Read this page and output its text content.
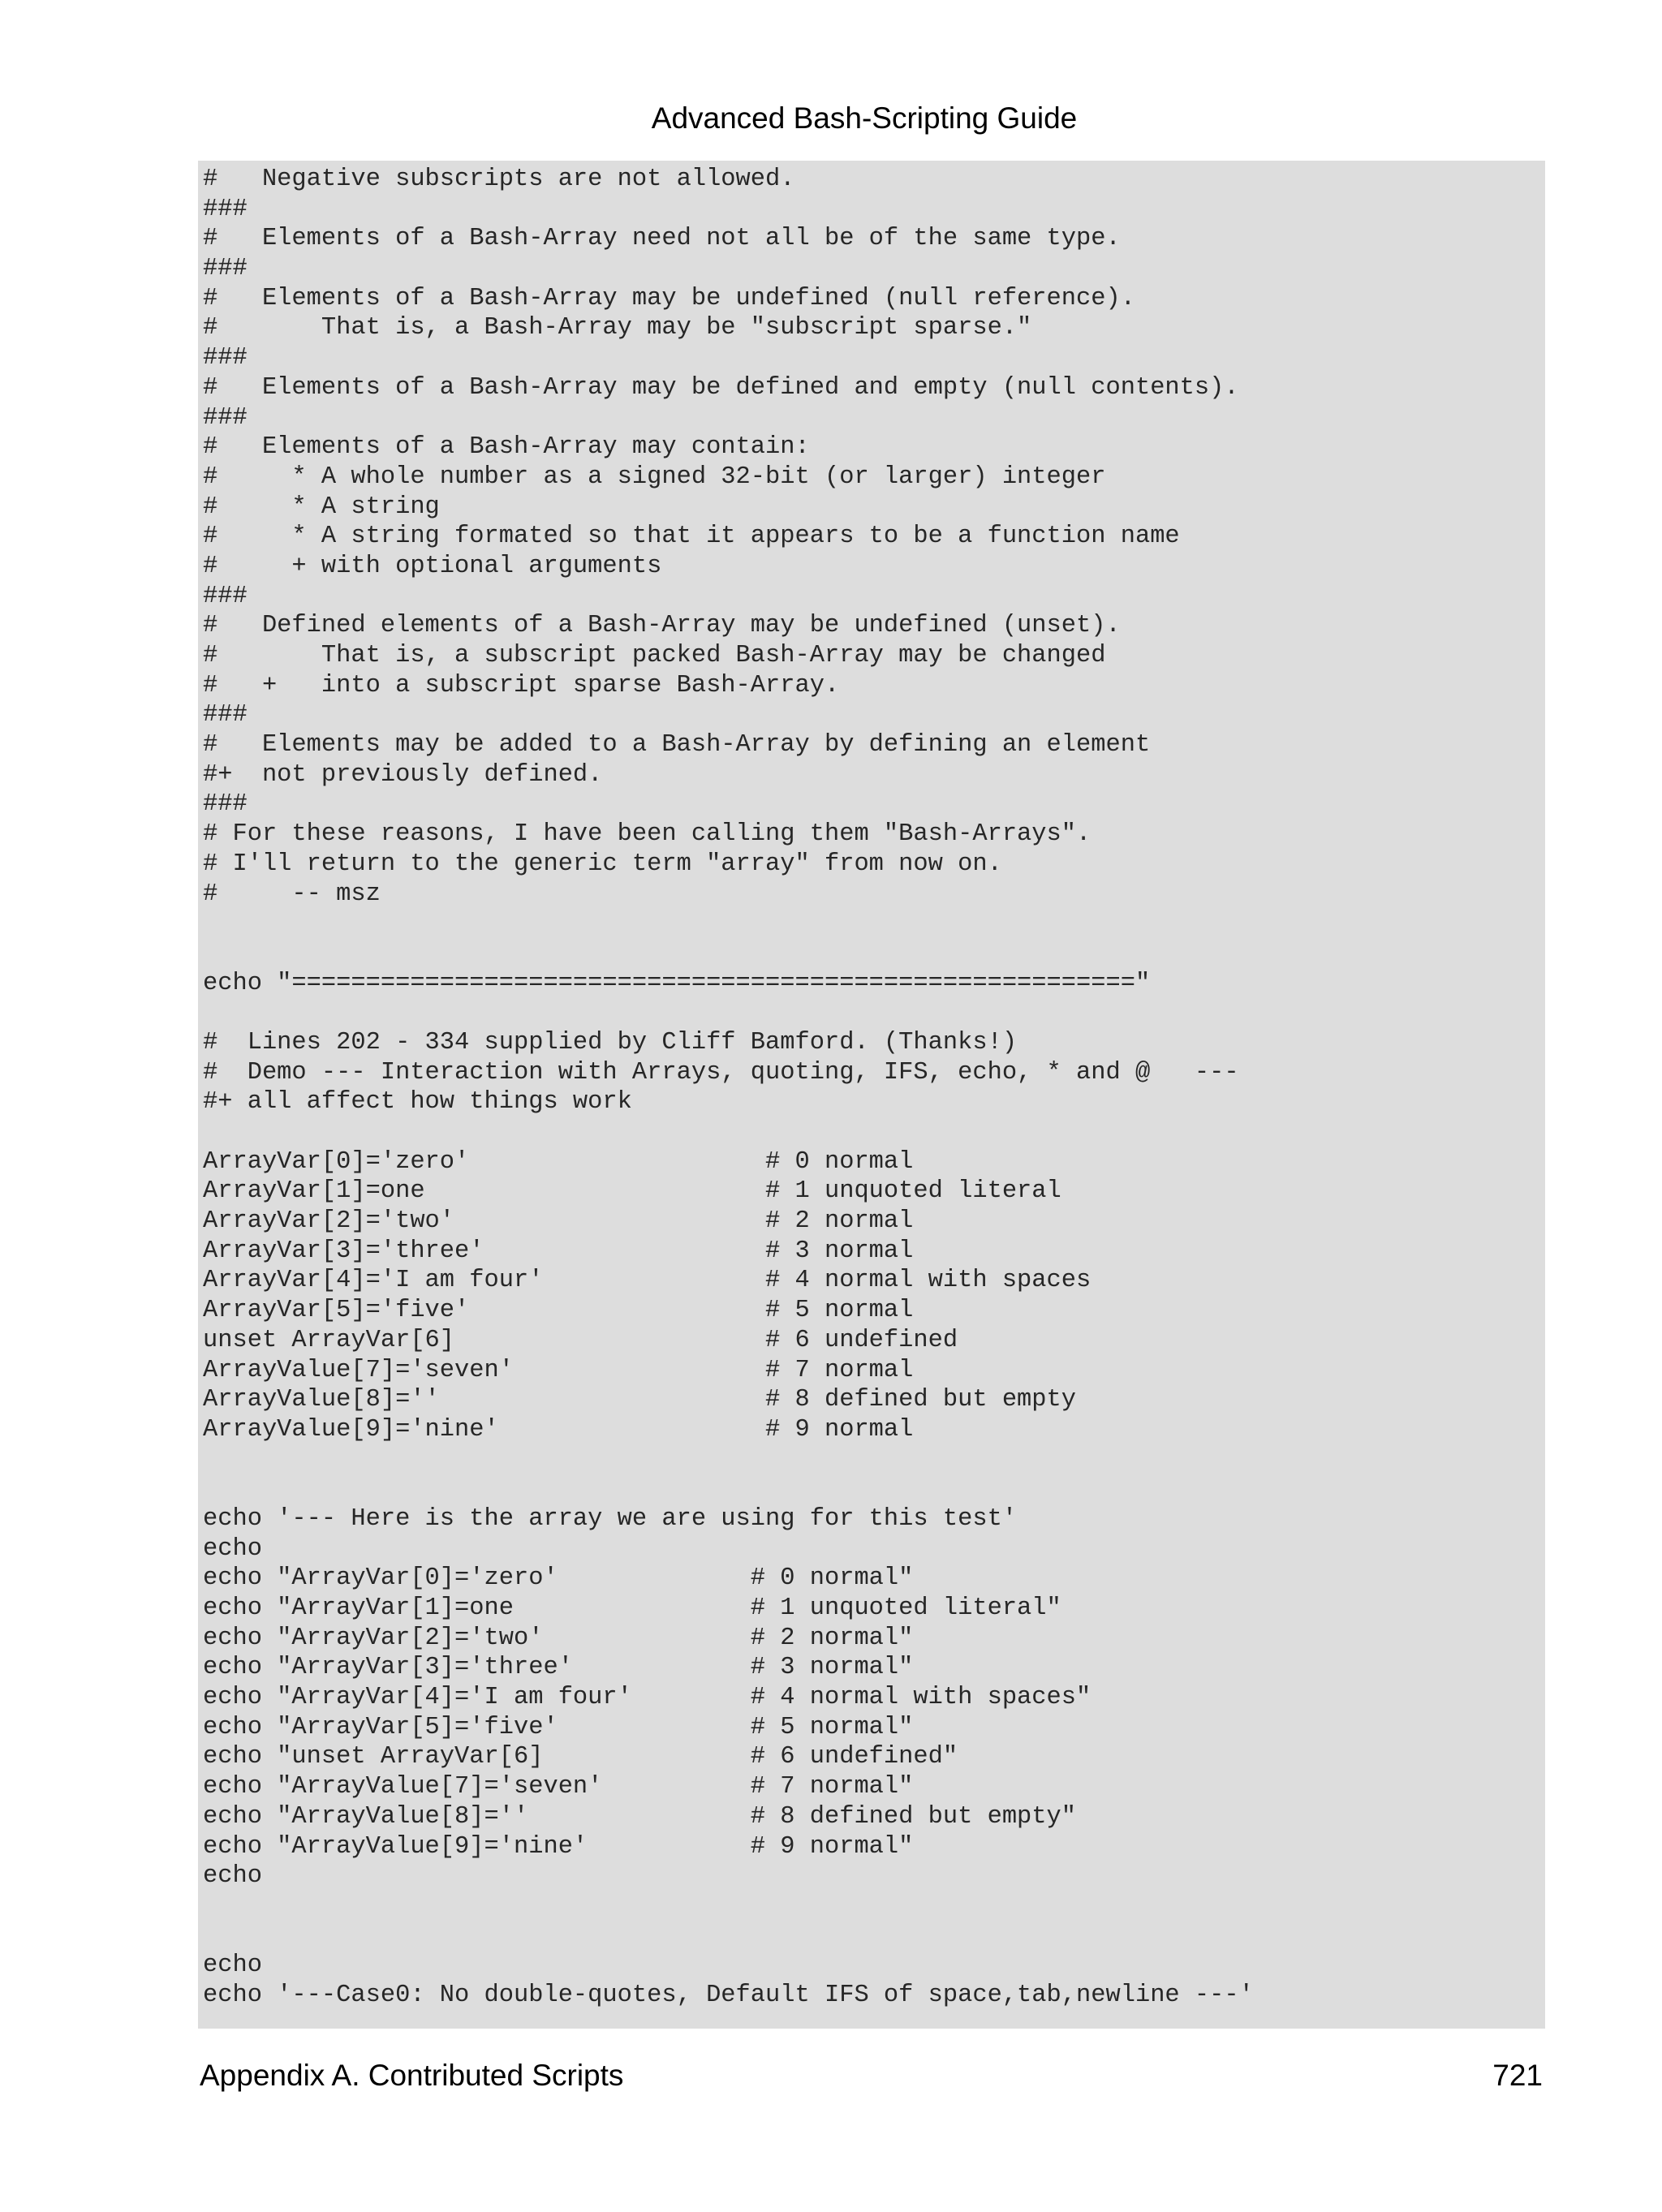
Advanced Bash-Scripting Guide
#   Negative subscripts are not allowed.
###
#   Elements of a Bash-Array need not all be of the same type.
###
#   Elements of a Bash-Array may be undefined (null reference).
#       That is, a Bash-Array may be "subscript sparse."
###
#   Elements of a Bash-Array may be defined and empty (null contents).
###
#   Elements of a Bash-Array may contain:
#     * A whole number as a signed 32-bit (or larger) integer
#     * A string
#     * A string formated so that it appears to be a function name
#     + with optional arguments
###
#   Defined elements of a Bash-Array may be undefined (unset).
#       That is, a subscript packed Bash-Array may be changed
#   +   into a subscript sparse Bash-Array.
###
#   Elements may be added to a Bash-Array by defining an element
#+  not previously defined.
###
# For these reasons, I have been calling them "Bash-Arrays".
# I'll return to the generic term "array" from now on.
#     -- msz
echo "========================================================="
#  Lines 202 - 334 supplied by Cliff Bamford. (Thanks!)
#  Demo --- Interaction with Arrays, quoting, IFS, echo, * and @   ---
#+ all affect how things work
ArrayVar[0]='zero'                    # 0 normal
ArrayVar[1]=one                       # 1 unquoted literal
ArrayVar[2]='two'                     # 2 normal
ArrayVar[3]='three'                   # 3 normal
ArrayVar[4]='I am four'               # 4 normal with spaces
ArrayVar[5]='five'                    # 5 normal
unset ArrayVar[6]                     # 6 undefined
ArrayValue[7]='seven'                 # 7 normal
ArrayValue[8]=''                      # 8 defined but empty
ArrayValue[9]='nine'                  # 9 normal
echo '--- Here is the array we are using for this test'
echo
echo "ArrayVar[0]='zero'             # 0 normal"
echo "ArrayVar[1]=one                # 1 unquoted literal"
echo "ArrayVar[2]='two'              # 2 normal"
echo "ArrayVar[3]='three'            # 3 normal"
echo "ArrayVar[4]='I am four'        # 4 normal with spaces"
echo "ArrayVar[5]='five'             # 5 normal"
echo "unset ArrayVar[6]              # 6 undefined"
echo "ArrayValue[7]='seven'          # 7 normal"
echo "ArrayValue[8]=''               # 8 defined but empty"
echo "ArrayValue[9]='nine'           # 9 normal"
echo
echo
echo '---Case0: No double-quotes, Default IFS of space,tab,newline ---'
Appendix A. Contributed Scripts	721
